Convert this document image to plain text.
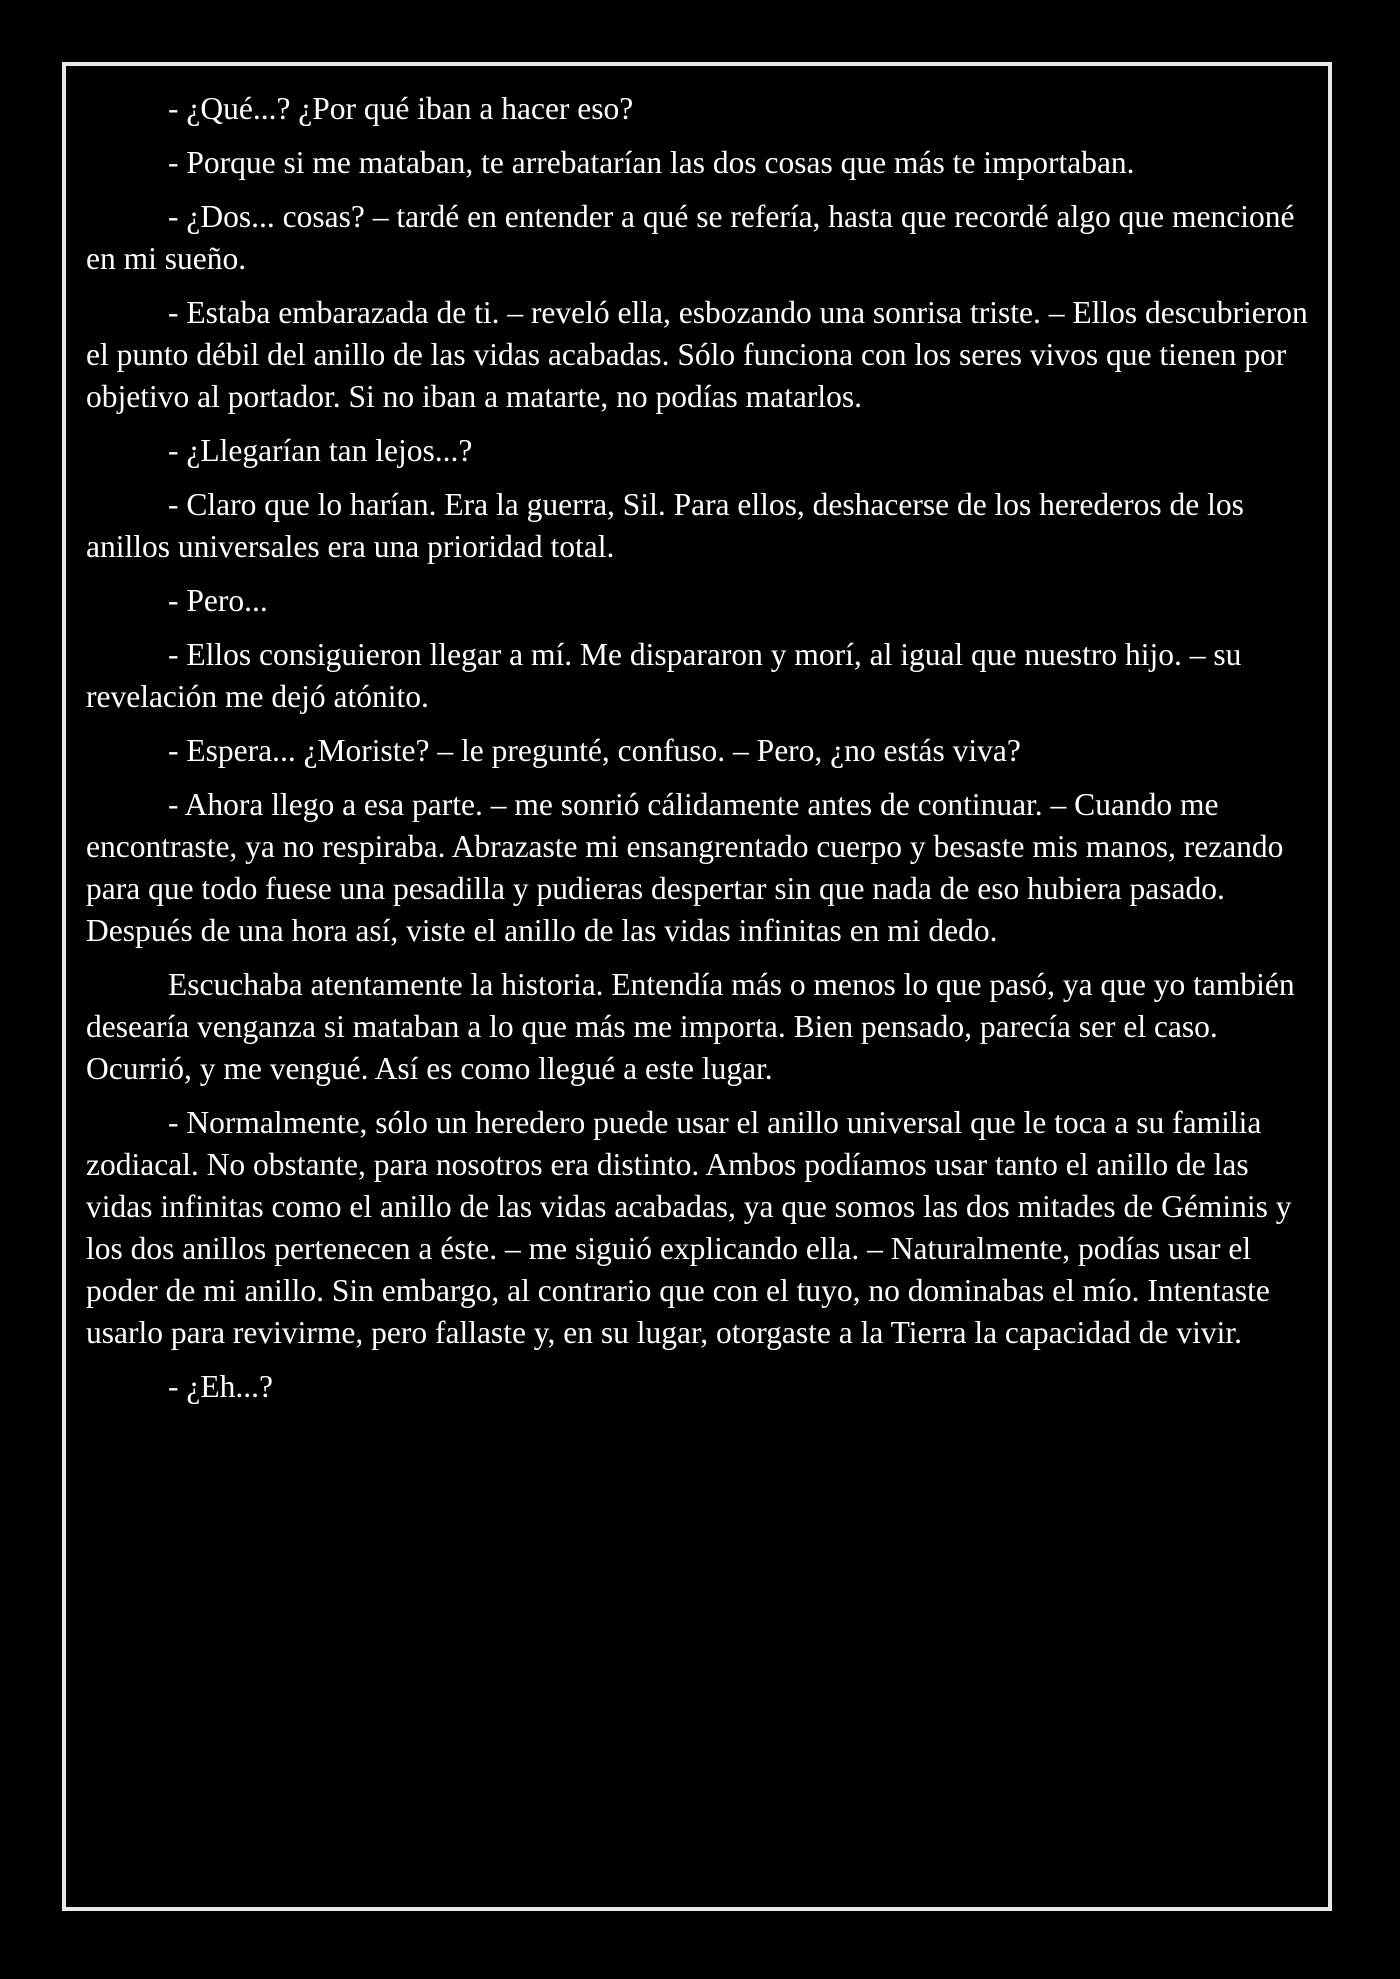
- ¿Qué...? ¿Por qué iban a hacer eso?

- Porque si me mataban, te arrebatarían las dos cosas que más te importaban.

- ¿Dos... cosas? – tardé en entender a qué se refería, hasta que recordé algo que mencioné en mi sueño.

- Estaba embarazada de ti. – reveló ella, esbozando una sonrisa triste. – Ellos descubrieron el punto débil del anillo de las vidas acabadas. Sólo funciona con los seres vivos que tienen por objetivo al portador. Si no iban a matarte, no podías matarlos.

- ¿Llegarían tan lejos...?

- Claro que lo harían. Era la guerra, Sil. Para ellos, deshacerse de los herederos de los anillos universales era una prioridad total.

- Pero...

- Ellos consiguieron llegar a mí. Me dispararon y morí, al igual que nuestro hijo. – su revelación me dejó atónito.

- Espera... ¿Moriste? – le pregunté, confuso. – Pero, ¿no estás viva?

- Ahora llego a esa parte. – me sonrió cálidamente antes de continuar. – Cuando me encontraste, ya no respiraba. Abrazaste mi ensangrentado cuerpo y besaste mis manos, rezando para que todo fuese una pesadilla y pudieras despertar sin que nada de eso hubiera pasado. Después de una hora así, viste el anillo de las vidas infinitas en mi dedo.

Escuchaba atentamente la historia. Entendía más o menos lo que pasó, ya que yo también desearía venganza si mataban a lo que más me importa. Bien pensado, parecía ser el caso. Ocurrió, y me vengué. Así es como llegué a este lugar.

- Normalmente, sólo un heredero puede usar el anillo universal que le toca a su familia zodiacal. No obstante, para nosotros era distinto. Ambos podíamos usar tanto el anillo de las vidas infinitas como el anillo de las vidas acabadas, ya que somos las dos mitades de Géminis y los dos anillos pertenecen a éste. – me siguió explicando ella. – Naturalmente, podías usar el poder de mi anillo. Sin embargo, al contrario que con el tuyo, no dominabas el mío. Intentaste usarlo para revivirme, pero fallaste y, en su lugar, otorgaste a la Tierra la capacidad de vivir.

- ¿Eh...?
